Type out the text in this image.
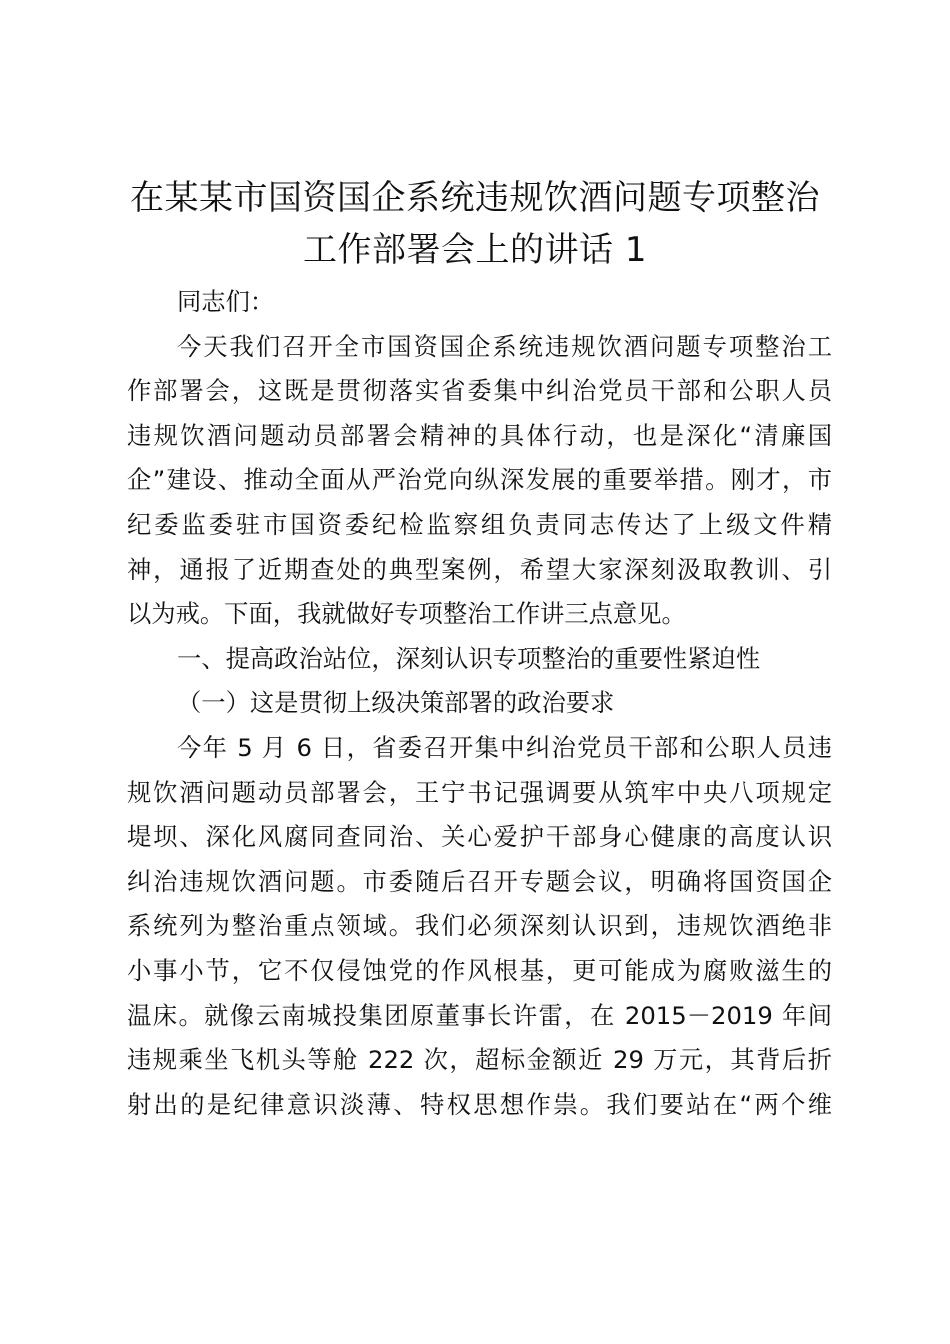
在某某市国资国企系统违规饮酒问题专项整治
工作部署会上的讲话 1
同志们：
今天我们召开全市国资国企系统违规饮酒问题专项整治工
作部署会，这既是贯彻落实省委集中纠治党员干部和公职人员
违规饮酒问题动员部署会精神的具体行动，也是深化“清廉国
企”建设、推动全面从严治党向纵深发展的重要举措。刚才，市
纪委监委驻市国资委纪检监察组负责同志传达了上级文件精
神，通报了近期查处的典型案例，希望大家深刻汲取教训、引
以为戒。下面，我就做好专项整治工作讲三点意见。
一、提高政治站位，深刻认识专项整治的重要性紧迫性
（一）这是贯彻上级决策部署的政治要求
今年 5 月 6 日，省委召开集中纠治党员干部和公职人员违
规饮酒问题动员部署会，王宁书记强调要从筑牢中央八项规定
堤坝、深化风腐同查同治、关心爱护干部身心健康的高度认识
纠治违规饮酒问题。市委随后召开专题会议，明确将国资国企
系统列为整治重点领域。我们必须深刻认识到，违规饮酒绝非
小事小节，它不仅侵蚀党的作风根基，更可能成为腐败滋生的
温床。就像云南城投集团原董事长许雷，在 2015－2019 年间
违规乘坐飞机头等舱 222 次，超标金额近 29 万元，其背后折
射出的是纪律意识淡薄、特权思想作祟。我们要站在“两个维
